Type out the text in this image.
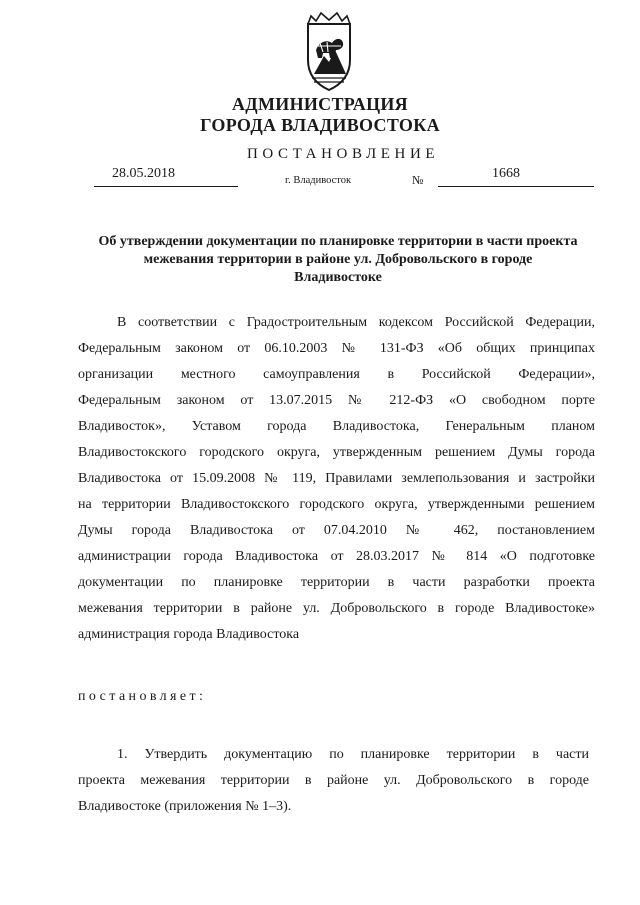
АДМИНИСТРАЦИЯ
ГОРОДА ВЛАДИВОСТОКА
ПОСТАНОВЛЕНИЕ
28.05.2018	г. Владивосток	№	1668
Об утверждении документации по планировке территории в части проекта
межевания территории в районе ул. Добровольского в городе
Владивостоке
В соответствии с Градостроительным кодексом Российской Федерации,
Федеральным законом от 06.10.2003 № 131-ФЗ «Об общих принципах
организации местного самоуправления в Российской Федерации»,
Федеральным законом от 13.07.2015 № 212-ФЗ «О свободном порте
Владивосток», Уставом города Владивостока, Генеральным планом
Владивостокского городского округа, утвержденным решением Думы города
Владивостока от 15.09.2008 № 119, Правилами землепользования и застройки
на территории Владивостокского городского округа, утвержденными решением
Думы города Владивостока от 07.04.2010 № 462, постановлением
администрации города Владивостока от 28.03.2017 № 814 «О подготовке
документации по планировке территории в части разработки проекта
межевания территории в районе ул. Добровольского в городе Владивостоке»
администрация города Владивостока
постановляет:
1. Утвердить документацию по планировке территории в части
проекта межевания территории в районе ул. Добровольского в городе
Владивостоке (приложения № 1–3).
